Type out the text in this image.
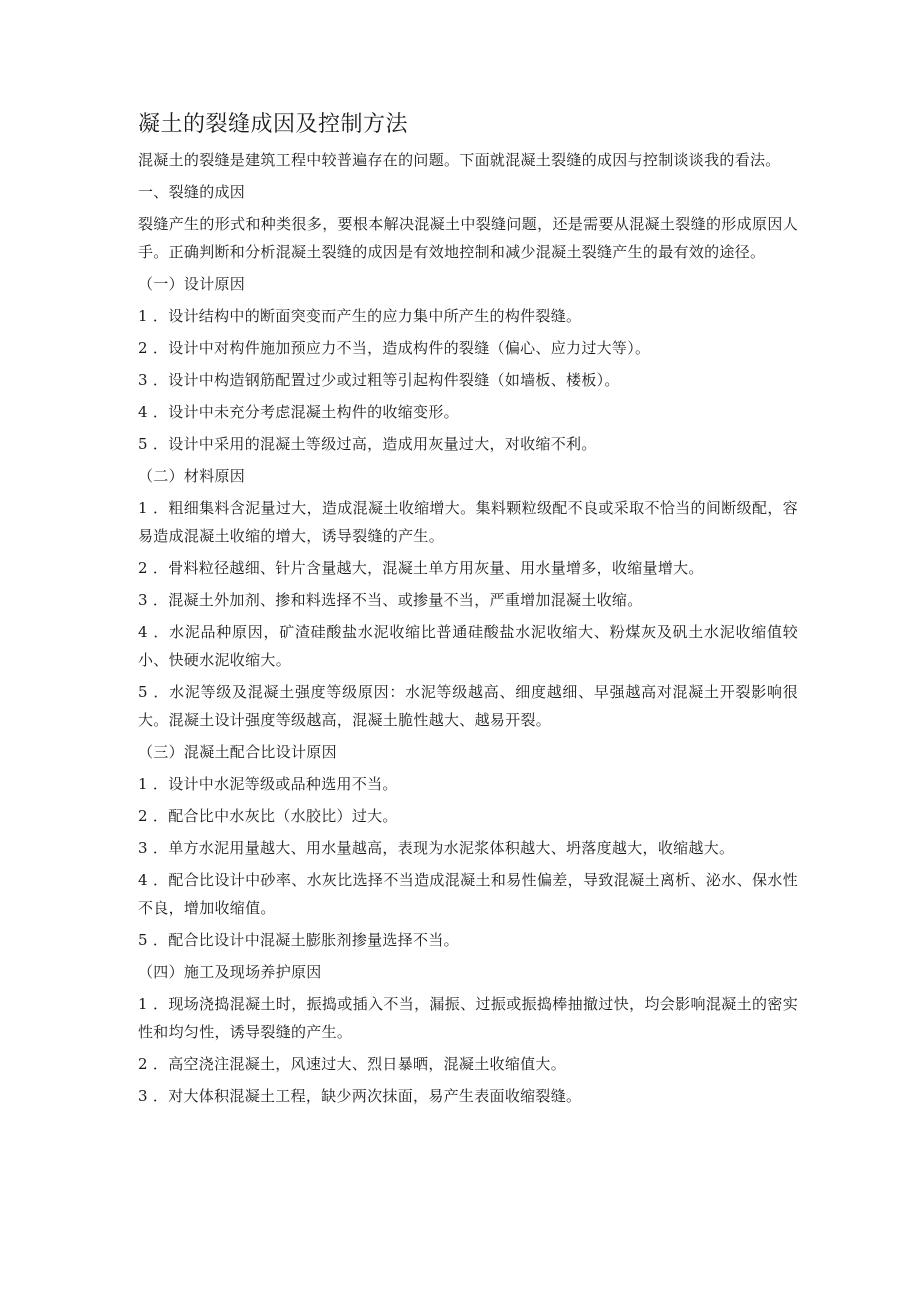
凝土的裂缝成因及控制方法

混凝土的裂缝是建筑工程中较普遍存在的问题。下面就混凝土裂缝的成因与控制谈谈我的看法。

一、裂缝的成因

裂缝产生的形式和种类很多，要根本解决混凝土中裂缝问题，还是需要从混凝土裂缝的形成原因人手。正确判断和分析混凝土裂缝的成因是有效地控制和减少混凝土裂缝产生的最有效的途径。

（一）设计原因

1 ．设计结构中的断面突变而产生的应力集中所产生的构件裂缝。

2 ．设计中对构件施加预应力不当，造成构件的裂缝（偏心、应力过大等）。

3 ．设计中构造钢筋配置过少或过粗等引起构件裂缝（如墙板、楼板）。

4 ．设计中未充分考虑混凝土构件的收缩变形。

5 ．设计中采用的混凝土等级过高，造成用灰量过大，对收缩不利。

（二）材料原因

1 ．粗细集料含泥量过大，造成混凝土收缩增大。集料颗粒级配不良或采取不恰当的间断级配，容易造成混凝土收缩的增大，诱导裂缝的产生。

2 ．骨料粒径越细、针片含量越大，混凝土单方用灰量、用水量增多，收缩量增大。

3 ．混凝土外加剂、掺和料选择不当、或掺量不当，严重增加混凝土收缩。

4 ．水泥品种原因，矿渣硅酸盐水泥收缩比普通硅酸盐水泥收缩大、粉煤灰及矾土水泥收缩值较小、快硬水泥收缩大。

5 ．水泥等级及混凝土强度等级原因：水泥等级越高、细度越细、早强越高对混凝土开裂影响很大。混凝土设计强度等级越高，混凝土脆性越大、越易开裂。

（三）混凝土配合比设计原因

1 ．设计中水泥等级或品种选用不当。

2 ．配合比中水灰比（水胶比）过大。

3 ．单方水泥用量越大、用水量越高，表现为水泥浆体积越大、坍落度越大，收缩越大。

4 ．配合比设计中砂率、水灰比选择不当造成混凝土和易性偏差，导致混凝土离析、泌水、保水性不良，增加收缩值。

5 ．配合比设计中混凝土膨胀剂掺量选择不当。

（四）施工及现场养护原因

1 ．现场浇捣混凝土时，振捣或插入不当，漏振、过振或振捣棒抽撤过快，均会影响混凝土的密实性和均匀性，诱导裂缝的产生。

2 ．高空浇注混凝土，风速过大、烈日暴晒，混凝土收缩值大。

3 ．对大体积混凝土工程，缺少两次抹面，易产生表面收缩裂缝。
